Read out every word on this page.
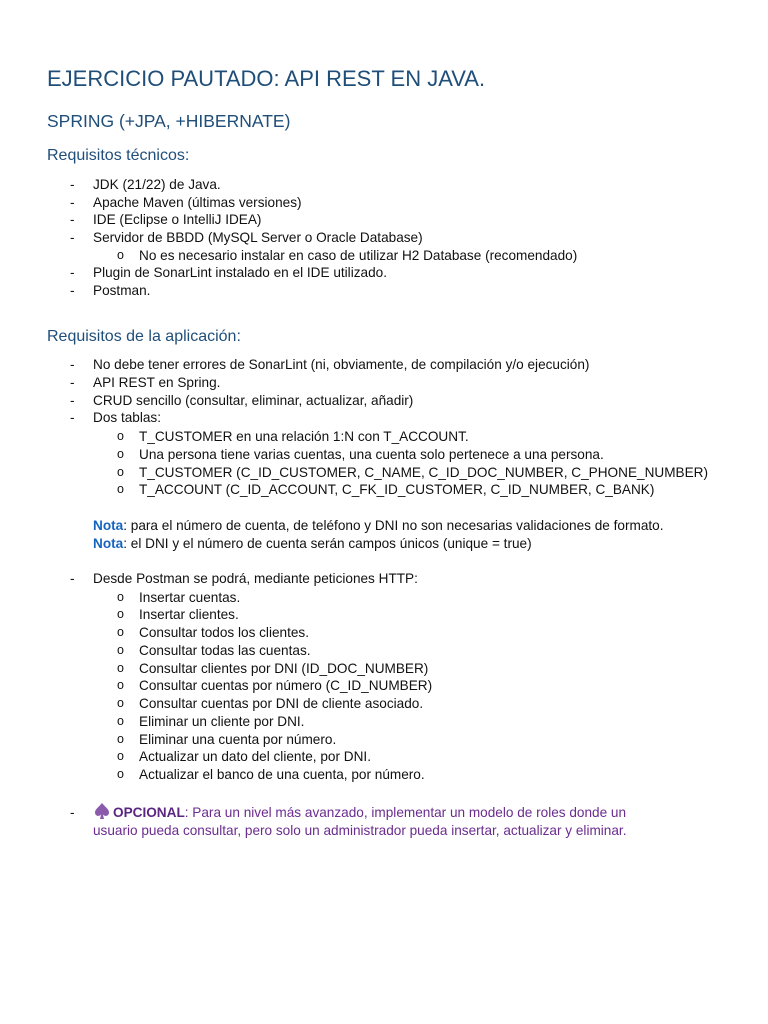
EJERCICIO PAUTADO: API REST EN JAVA.
SPRING (+JPA, +HIBERNATE)
Requisitos técnicos:
- JDK (21/22) de Java.
- Apache Maven (últimas versiones)
- IDE (Eclipse o IntelliJ IDEA)
- Servidor de BBDD (MySQL Server o Oracle Database)
o No es necesario instalar en caso de utilizar H2 Database (recomendado)
- Plugin de SonarLint instalado en el IDE utilizado.
- Postman.
Requisitos de la aplicación:
- No debe tener errores de SonarLint (ni, obviamente, de compilación y/o ejecución)
- API REST en Spring.
- CRUD sencillo (consultar, eliminar, actualizar, añadir)
- Dos tablas:
o T_CUSTOMER en una relación 1:N con T_ACCOUNT.
o Una persona tiene varias cuentas, una cuenta solo pertenece a una persona.
o T_CUSTOMER (C_ID_CUSTOMER, C_NAME, C_ID_DOC_NUMBER, C_PHONE_NUMBER)
o T_ACCOUNT (C_ID_ACCOUNT, C_FK_ID_CUSTOMER, C_ID_NUMBER, C_BANK)
Nota: para el número de cuenta, de teléfono y DNI no son necesarias validaciones de formato.
Nota: el DNI y el número de cuenta serán campos únicos (unique = true)
- Desde Postman se podrá, mediante peticiones HTTP:
o Insertar cuentas.
o Insertar clientes.
o Consultar todos los clientes.
o Consultar todas las cuentas.
o Consultar clientes por DNI (ID_DOC_NUMBER)
o Consultar cuentas por número (C_ID_NUMBER)
o Consultar cuentas por DNI de cliente asociado.
o Eliminar un cliente por DNI.
o Eliminar una cuenta por número.
o Actualizar un dato del cliente, por DNI.
o Actualizar el banco de una cuenta, por número.
-	OPCIONAL: Para un nivel más avanzado, implementar un modelo de roles donde un
usuario pueda consultar, pero solo un administrador pueda insertar, actualizar y eliminar.
